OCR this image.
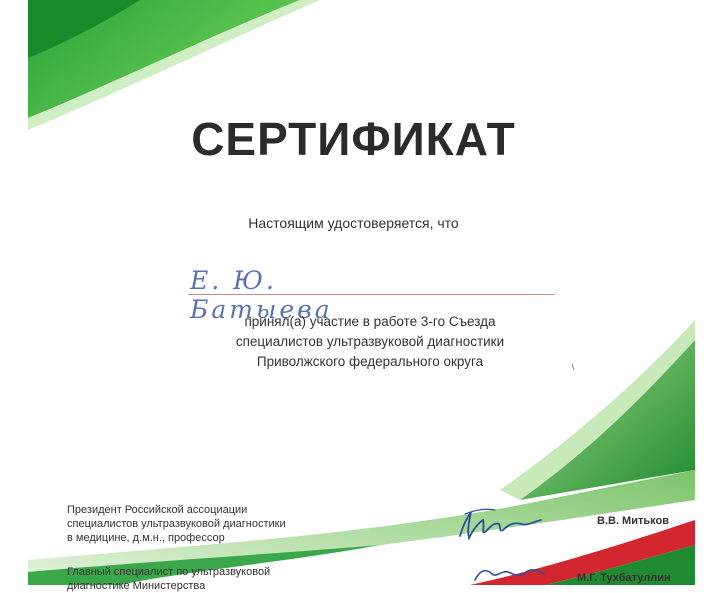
СЕРТИФИКАТ
Настоящим удостоверяется, что
Е. Ю. Батыева
принял(а) участие в работе 3-го Съезда
специалистов ультразвуковой диагностики
Приволжского федерального округа
Президент Российской ассоциации
специалистов ультразвуковой диагностики
в медицине, д.м.н., профессор
В.В. Митьков
Главный специалист по ультразвуковой
диагностике Министерства
М.Г. Тухбатуллин
